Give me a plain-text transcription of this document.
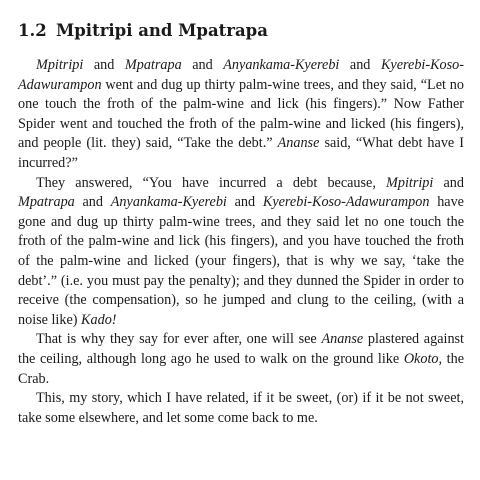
1.2 Mpitripi and Mpatrapa

Mpitripi and Mpatrapa and Anyankama-Kyerebi and Kyerebi-Koso-Adawurampon went and dug up thirty palm-wine trees, and they said, “Let no one touch the froth of the palm-wine and lick (his fingers).” Now Father Spider went and touched the froth of the palm-wine and licked (his fingers), and people (lit. they) said, “Take the debt.” Ananse said, “What debt have I incurred?”

They answered, “You have incurred a debt because, Mpitripi and Mpatrapa and Anyankama-Kyerebi and Kyerebi-Koso-Adawurampon have gone and dug up thirty palm-wine trees, and they said let no one touch the froth of the palm-wine and lick (his fingers), and you have touched the froth of the palm-wine and licked (your fingers), that is why we say, ‘take the debt’.” (i.e. you must pay the penalty); and they dunned the Spider in order to receive (the compensation), so he jumped and clung to the ceiling, (with a noise like) Kado!

That is why they say for ever after, one will see Ananse plastered against the ceiling, although long ago he used to walk on the ground like Okoto, the Crab.

This, my story, which I have related, if it be sweet, (or) if it be not sweet, take some elsewhere, and let some come back to me.
